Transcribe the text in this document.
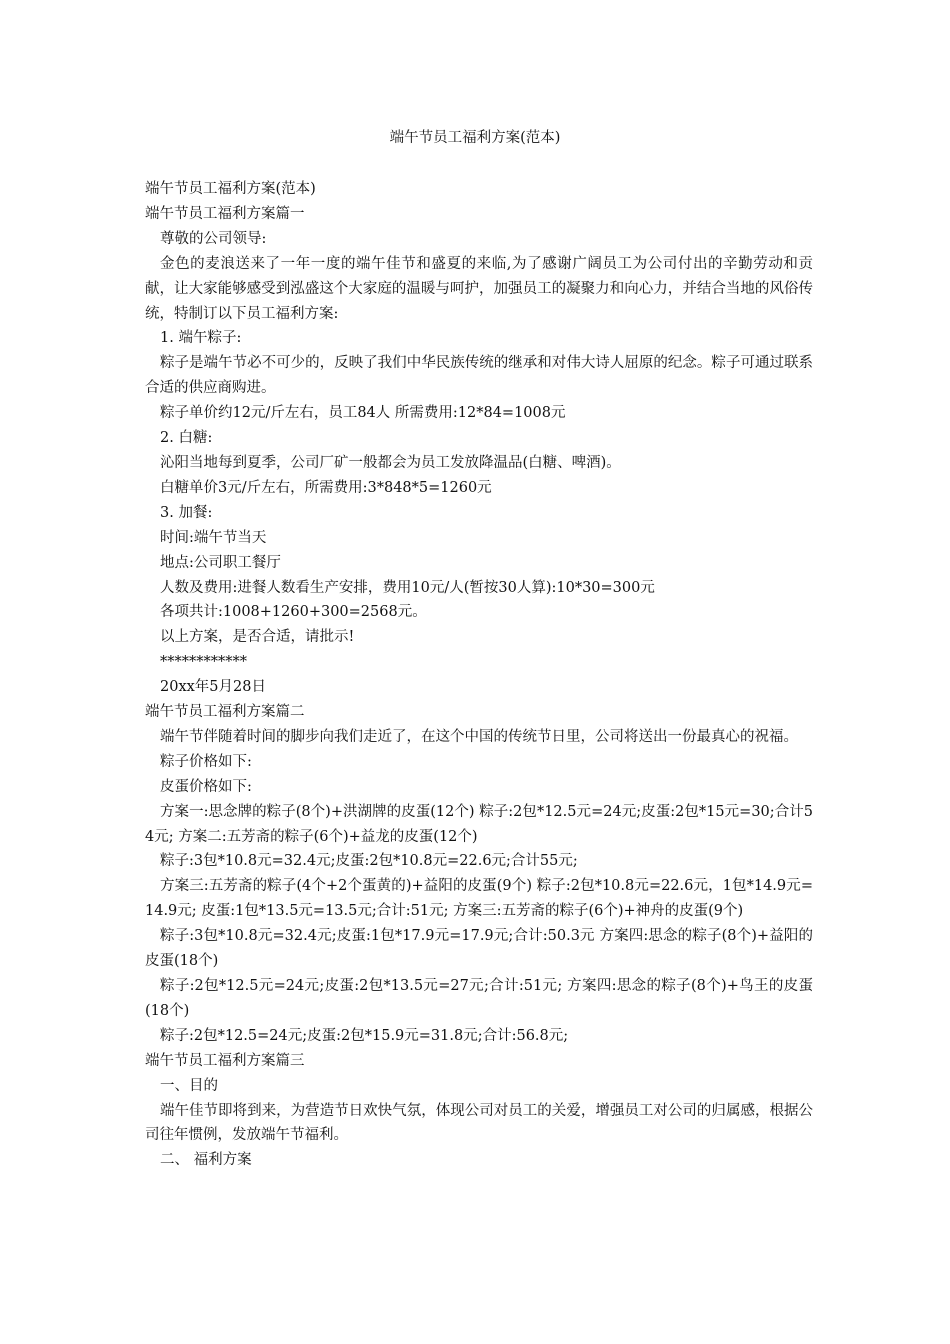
端午节员工福利方案(范本)

端午节员工福利方案(范本)

端午节员工福利方案篇一

尊敬的公司领导:

金色的麦浪送来了一年一度的端午佳节和盛夏的来临,为了感谢广阔员工为公司付出的辛勤劳动和贡献，让大家能够感受到泓盛这个大家庭的温暖与呵护，加强员工的凝聚力和向心力，并结合当地的风俗传统，特制订以下员工福利方案:

1. 端午粽子:

粽子是端午节必不可少的，反映了我们中华民族传统的继承和对伟大诗人屈原的纪念。粽子可通过联系合适的供应商购进。

粽子单价约12元/斤左右，员工84人 所需费用:12*84=1008元

2. 白糖:

沁阳当地每到夏季，公司厂矿一般都会为员工发放降温品(白糖、啤酒)。

白糖单价3元/斤左右，所需费用:3*848*5=1260元

3. 加餐:

时间:端午节当天

地点:公司职工餐厅

人数及费用:进餐人数看生产安排，费用10元/人(暂按30人算):10*30=300元

各项共计:1008+1260+300=2568元。

以上方案，是否合适，请批示!

************

20xx年5月28日

端午节员工福利方案篇二

端午节伴随着时间的脚步向我们走近了，在这个中国的传统节日里，公司将送出一份最真心的祝福。

粽子价格如下:

皮蛋价格如下:

方案一:思念牌的粽子(8个)+洪湖牌的皮蛋(12个) 粽子:2包*12.5元=24元;皮蛋:2包*15元=30;合计54元; 方案二:五芳斋的粽子(6个)+益龙的皮蛋(12个)

粽子:3包*10.8元=32.4元;皮蛋:2包*10.8元=22.6元;合计55元;

方案三:五芳斋的粽子(4个+2个蛋黄的)+益阳的皮蛋(9个) 粽子:2包*10.8元=22.6元，1包*14.9元=14.9元; 皮蛋:1包*13.5元=13.5元;合计:51元; 方案三:五芳斋的粽子(6个)+神舟的皮蛋(9个)

粽子:3包*10.8元=32.4元;皮蛋:1包*17.9元=17.9元;合计:50.3元 方案四:思念的粽子(8个)+益阳的皮蛋(18个)

粽子:2包*12.5元=24元;皮蛋:2包*13.5元=27元;合计:51元; 方案四:思念的粽子(8个)+鸟王的皮蛋(18个)

粽子:2包*12.5=24元;皮蛋:2包*15.9元=31.8元;合计:56.8元;

端午节员工福利方案篇三

一、目的

端午佳节即将到来，为营造节日欢快气氛，体现公司对员工的关爱，增强员工对公司的归属感，根据公司往年惯例，发放端午节福利。

二、 福利方案
